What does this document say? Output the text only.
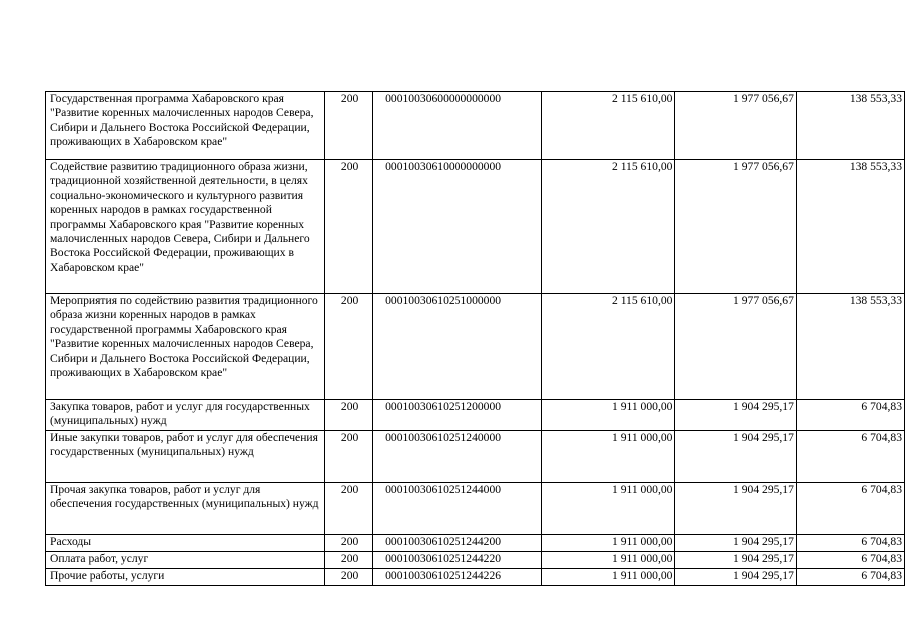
Государственная программа Хабаровского края "Развитие коренных малочисленных народов Севера, Сибири и Дальнего Востока Российской Федерации, проживающих в Хабаровском крае"	200	00010030600000000000	2 115 610,00	1 977 056,67	138 553,33
Содействие развитию традиционного образа жизни, традиционной хозяйственной деятельности, в целях социально-экономического и культурного развития коренных народов в рамках государственной программы Хабаровского края "Развитие коренных малочисленных народов Севера, Сибири и Дальнего Востока Российской Федерации, проживающих в Хабаровском крае"	200	00010030610000000000	2 115 610,00	1 977 056,67	138 553,33
Мероприятия по содействию развития традиционного образа жизни коренных народов в рамках государственной программы Хабаровского края "Развитие коренных малочисленных народов Севера, Сибири и Дальнего Востока Российской Федерации, проживающих в Хабаровском крае"	200	00010030610251000000	2 115 610,00	1 977 056,67	138 553,33
Закупка товаров, работ и услуг для государственных (муниципальных) нужд	200	00010030610251200000	1 911 000,00	1 904 295,17	6 704,83
Иные закупки товаров, работ и услуг для обеспечения государственных (муниципальных) нужд	200	00010030610251240000	1 911 000,00	1 904 295,17	6 704,83
Прочая закупка товаров, работ и услуг для обеспечения государственных (муниципальных) нужд	200	00010030610251244000	1 911 000,00	1 904 295,17	6 704,83
Расходы	200	00010030610251244200	1 911 000,00	1 904 295,17	6 704,83
Оплата работ, услуг	200	00010030610251244220	1 911 000,00	1 904 295,17	6 704,83
Прочие работы, услуги	200	00010030610251244226	1 911 000,00	1 904 295,17	6 704,83
